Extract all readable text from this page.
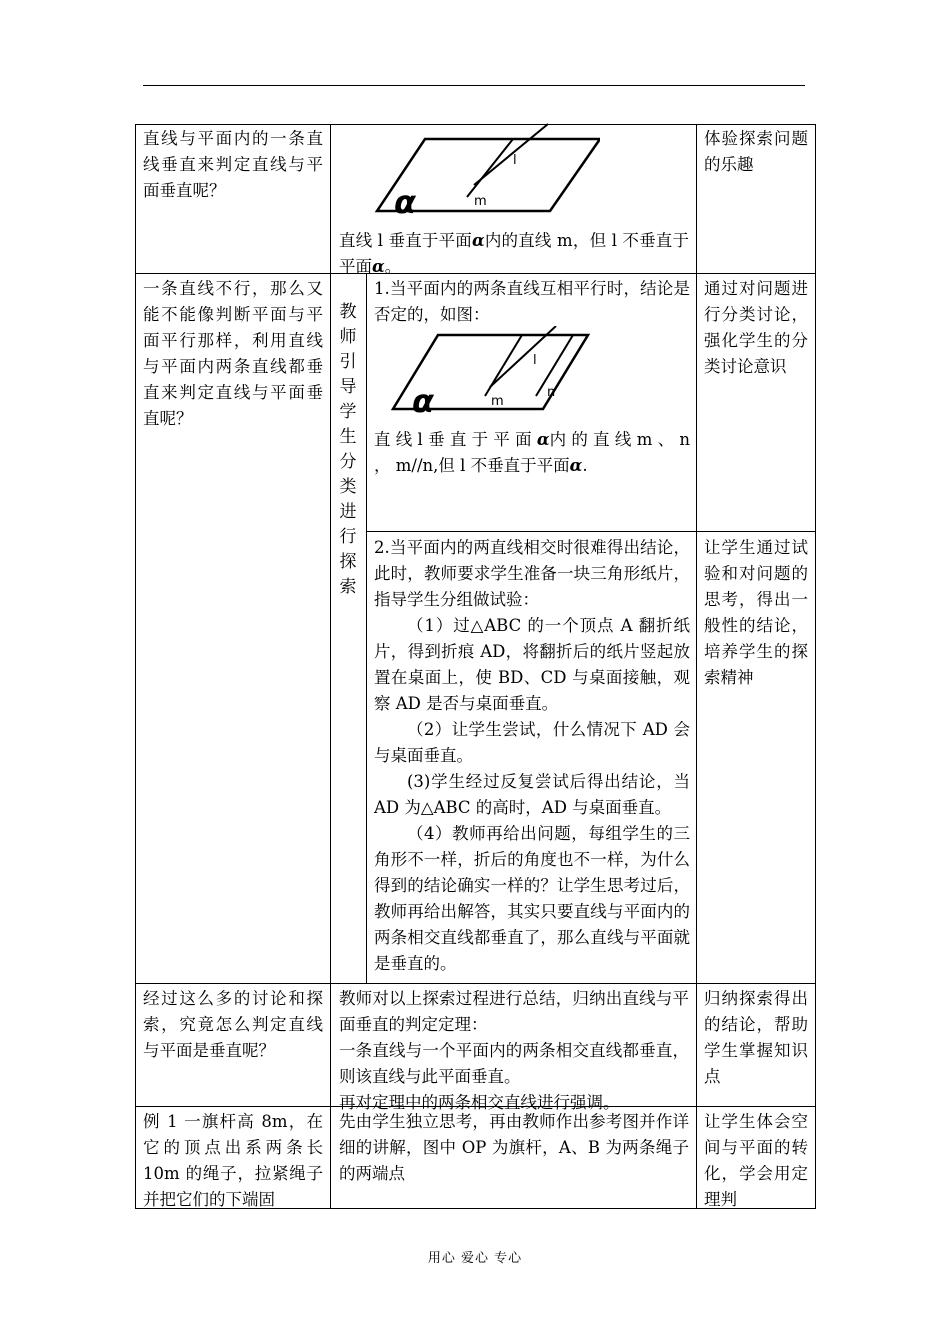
直线与平面内的一条直线垂直来判定直线与平面垂直呢？
l
m
α
直线 l 垂直于平面α内的直线 m，但 l 不垂直于平面α。
体验探索问题的乐趣
一条直线不行，那么又能不能像判断平面与平面平行那样，利用直线与平面内两条直线都垂直来判定直线与平面垂直呢？
教师引导学生分类进行探索
1.当平面内的两条直线互相平行时，结论是否定的，如图：
l
m
n
α
直 线 l 垂 直 于 平 面 α内 的 直 线 m 、 n ， m//n,但 l 不垂直于平面α.
通过对问题进行分类讨论，强化学生的分类讨论意识
2.当平面内的两直线相交时很难得出结论，此时，教师要求学生准备一块三角形纸片，指导学生分组做试验：
（1）过△ABC 的一个顶点 A 翻折纸片，得到折痕 AD，将翻折后的纸片竖起放置在桌面上，使 BD、CD 与桌面接触，观察 AD 是否与桌面垂直。
（2）让学生尝试，什么情况下 AD 会与桌面垂直。
(3)学生经过反复尝试后得出结论，当 AD 为△ABC 的高时，AD 与桌面垂直。
（4）教师再给出问题，每组学生的三角形不一样，折后的角度也不一样，为什么得到的结论确实一样的？让学生思考过后，教师再给出解答，其实只要直线与平面内的两条相交直线都垂直了，那么直线与平面就是垂直的。
让学生通过试验和对问题的思考，得出一般性的结论，培养学生的探索精神
经过这么多的讨论和探索，究竟怎么判定直线与平面是垂直呢？
教师对以上探索过程进行总结，归纳出直线与平面垂直的判定定理：
一条直线与一个平面内的两条相交直线都垂直，则该直线与此平面垂直。
再对定理中的两条相交直线进行强调。
归纳探索得出的结论，帮助学生掌握知识点
例 1 一旗杆高 8m，在它的顶点出系两条长 10m 的绳子，拉紧绳子并把它们的下端固
先由学生独立思考，再由教师作出参考图并作详细的讲解，图中 OP 为旗杆，A、B 为两条绳子的两端点
让学生体会空间与平面的转化，学会用定理判
用心 爱心 专心
